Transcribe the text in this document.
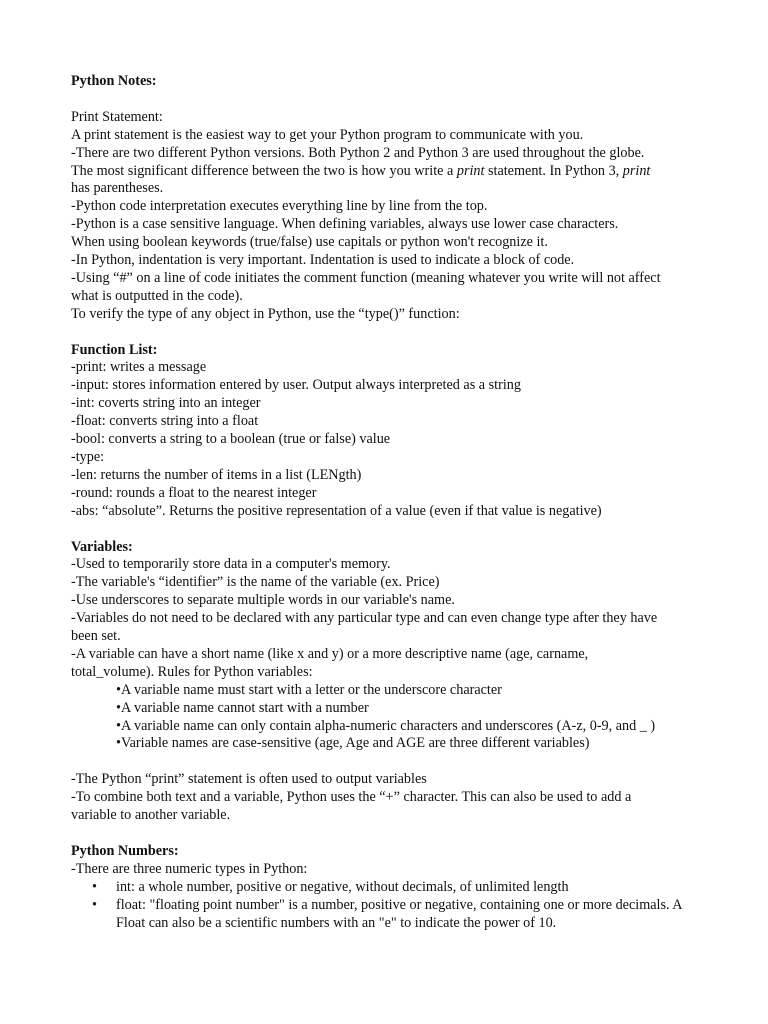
Python Notes:
Print Statement:
A print statement is the easiest way to get your Python program to communicate with you.
-There are two different Python versions. Both Python 2 and Python 3 are used throughout the globe.
The most significant difference between the two is how you write a print statement. In Python 3, print
has parentheses.
-Python code interpretation executes everything line by line from the top.
-Python is a case sensitive language. When defining variables, always use lower case characters.
When using boolean keywords (true/false) use capitals or python won't recognize it.
-In Python, indentation is very important. Indentation is used to indicate a block of code.
-Using “#” on a line of code initiates the comment function (meaning whatever you write will not affect
what is outputted in the code).
To verify the type of any object in Python, use the “type()” function:
Function List:
-print: writes a message
-input: stores information entered by user. Output always interpreted as a string
-int: coverts string into an integer
-float: converts string into a float
-bool: converts a string to a boolean (true or false) value
-type:
-len: returns the number of items in a list (LENgth)
-round: rounds a float to the nearest integer
-abs: “absolute”. Returns the positive representation of a value (even if that value is negative)
Variables:
-Used to temporarily store data in a computer's memory.
-The variable's “identifier” is the name of the variable (ex. Price)
-Use underscores to separate multiple words in our variable's name.
-Variables do not need to be declared with any particular type and can even change type after they have
been set.
-A variable can have a short name (like x and y) or a more descriptive name (age, carname,
total_volume). Rules for Python variables:
•A variable name must start with a letter or the underscore character
•A variable name cannot start with a number
•A variable name can only contain alpha-numeric characters and underscores (A-z, 0-9, and _ )
•Variable names are case-sensitive (age, Age and AGE are three different variables)
-The Python “print” statement is often used to output variables
-To combine both text and a variable, Python uses the “+” character. This can also be used to add a
variable to another variable.
Python Numbers:
-There are three numeric types in Python:
• int: a whole number, positive or negative, without decimals, of unlimited length
• float: "floating point number" is a number, positive or negative, containing one or more decimals. A Float can also be a scientific numbers with an "e" to indicate the power of 10.
